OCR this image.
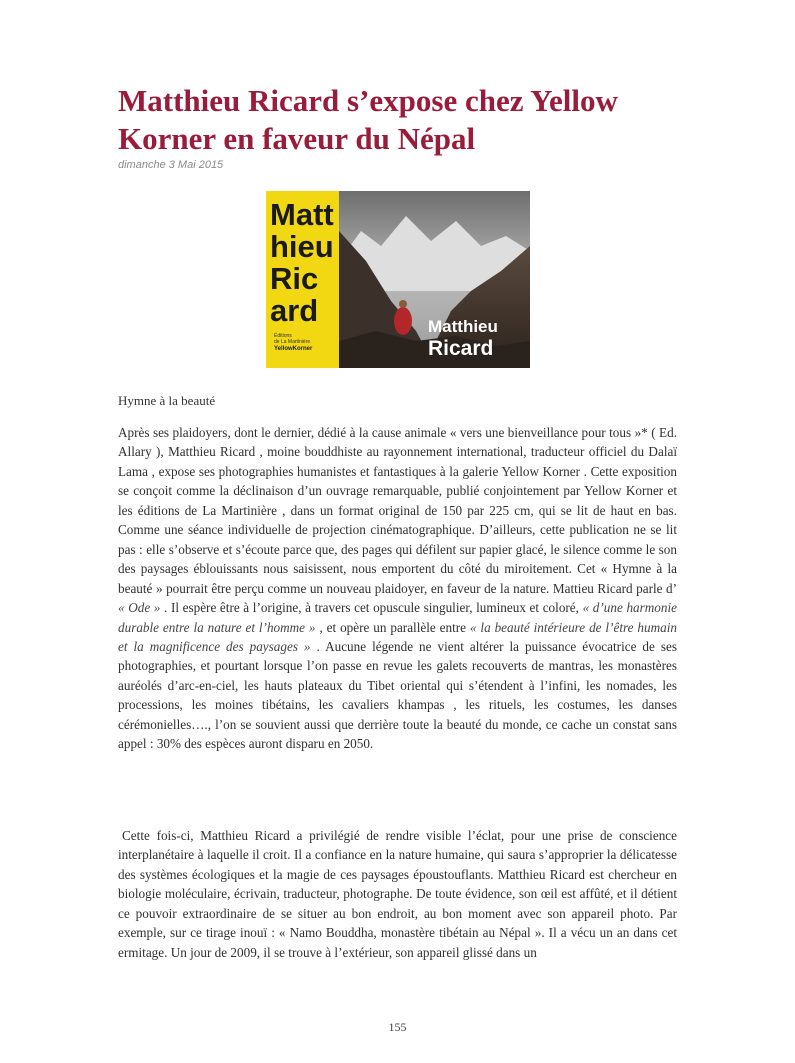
Matthieu Ricard s’expose chez Yellow Korner en faveur du Népal
dimanche 3 Mai 2015
Matt
hieu
Ric
ard
Éditions
de La Martinière
YellowKorner
Matthieu
Ricard
Hymne à la beauté

Après ses plaidoyers, dont le dernier, dédié à la cause animale « vers une bienveillance pour tous »* ( Ed. Allary ), Matthieu Ricard , moine bouddhiste au rayonnement international, traducteur officiel du Dalaï Lama , expose ses photographies humanistes et fantastiques à la galerie Yellow Korner . Cette exposition se conçoit comme la déclinaison d’un ouvrage remarquable, publié conjointement par Yellow Korner et les éditions de La Martinière , dans un format original de 150 par 225 cm, qui se lit de haut en bas. Comme une séance individuelle de projection cinématographique. D’ailleurs, cette publication ne se lit pas : elle s’observe et s’écoute parce que, des pages qui défilent sur papier glacé, le silence comme le son des paysages éblouissants nous saisissent, nous emportent du côté du miroitement. Cet « Hymne à la beauté » pourrait être perçu comme un nouveau plaidoyer, en faveur de la nature. Mattieu Ricard parle d’ « Ode » . Il espère être à l’origine, à travers cet opuscule singulier, lumineux et coloré, « d’une harmonie durable entre la nature et l’homme » , et opère un parallèle entre « la beauté intérieure de l’être humain et la magnificence des paysages » . Aucune légende ne vient altérer la puissance évocatrice de ses photographies, et pourtant lorsque l’on passe en revue les galets recouverts de mantras, les monastères auréolés d’arc-en-ciel, les hauts plateaux du Tibet oriental qui s’étendent à l’infini, les nomades, les processions, les moines tibétains, les cavaliers khampas , les rituels, les costumes, les danses cérémonielles…., l’on se souvient aussi que derrière toute la beauté du monde, ce cache un constat sans appel : 30% des espèces auront disparu en 2050.

Cette fois-ci, Matthieu Ricard a privilégié de rendre visible l’éclat, pour une prise de conscience interplanétaire à laquelle il croit. Il a confiance en la nature humaine, qui saura s’approprier la délicatesse des systèmes écologiques et la magie de ces paysages époustouflants. Matthieu Ricard est chercheur en biologie moléculaire, écrivain, traducteur, photographe. De toute évidence, son œil est affûté, et il détient ce pouvoir extraordinaire de se situer au bon endroit, au bon moment avec son appareil photo. Par exemple, sur ce tirage inouï : « Namo Bouddha, monastère tibétain au Népal ». Il a vécu un an dans cet ermitage. Un jour de 2009, il se trouve à l’extérieur, son appareil glissé dans un

155
